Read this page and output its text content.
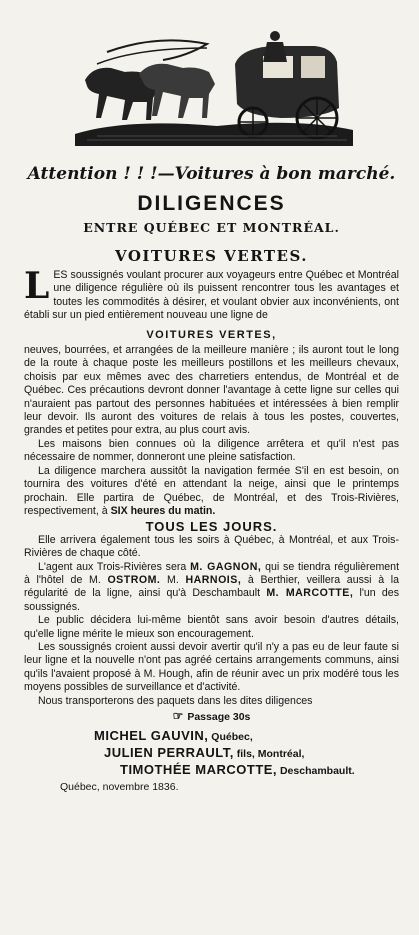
Attention ! ! !—Voitures à bon marché.
DILIGENCES
ENTRE QUÉBEC ET MONTRÉAL.
VOITURES VERTES.

LES soussignés voulant procurer aux voyageurs entre Québec et Montréal une diligence régulière où ils puissent rencontrer tous les avantages et toutes les commodités à désirer, et voulant obvier aux inconvénients, ont établi sur un pied entièrement nouveau une ligne de

VOITURES VERTES,

neuves, bourrées, et arrangées de la meilleure manière ; ils auront tout le long de la route à chaque poste les meilleurs postillons et les meilleurs chevaux, choisis par eux mêmes avec des charretiers entendus, de Montréal et de Québec. Ces précautions devront donner l'avantage à cette ligne sur celles qui n'auraient pas partout des personnes habituées et intéressées à bien remplir leur devoir. Ils auront des voitures de relais à tous les postes, couvertes, grandes et petites pour extra, au plus court avis.

Les maisons bien connues où la diligence arrêtera et qu'il n'est pas nécessaire de nommer, donneront une pleine satisfaction.

La diligence marchera aussitôt la navigation fermée S'il en est besoin, on tournira des voitures d'été en attendant la neige, ainsi que le printemps prochain. Elle partira de Québec, de Montréal, et des Trois-Rivières, respectivement, à SIX heures du matin.

TOUS LES JOURS.

Elle arrivera également tous les soirs à Québec, à Montréal, et aux Trois-Rivières de chaque côté.

L'agent aux Trois-Rivières sera M. GAGNON, qui se tiendra régulièrement à l'hôtel de M. OSTROM. M. HARNOIS, à Berthier, veillera aussi à la régularité de la ligne, ainsi qu'à Deschambault M. MARCOTTE, l'un des soussignés.

Le public décidera lui-même bientôt sans avoir besoin d'autres détails, qu'elle ligne mérite le mieux son encouragement.

Les soussignés croient aussi devoir avertir qu'il n'y a pas eu de leur faute si leur ligne et la nouvelle n'ont pas agréé certains arrangements communs, ainsi qu'ils l'avaient proposé à M. Hough, afin de réunir avec un prix modéré tous les moyens possibles de surveillance et d'activité.

Nous transporterons des paquets dans les dites diligences

☞ Passage 30s
MICHEL GAUVIN, Québec,
JULIEN PERRAULT, fils, Montréal,
TIMOTHÉE MARCOTTE, Deschambault.
Québec, novembre 1836.
